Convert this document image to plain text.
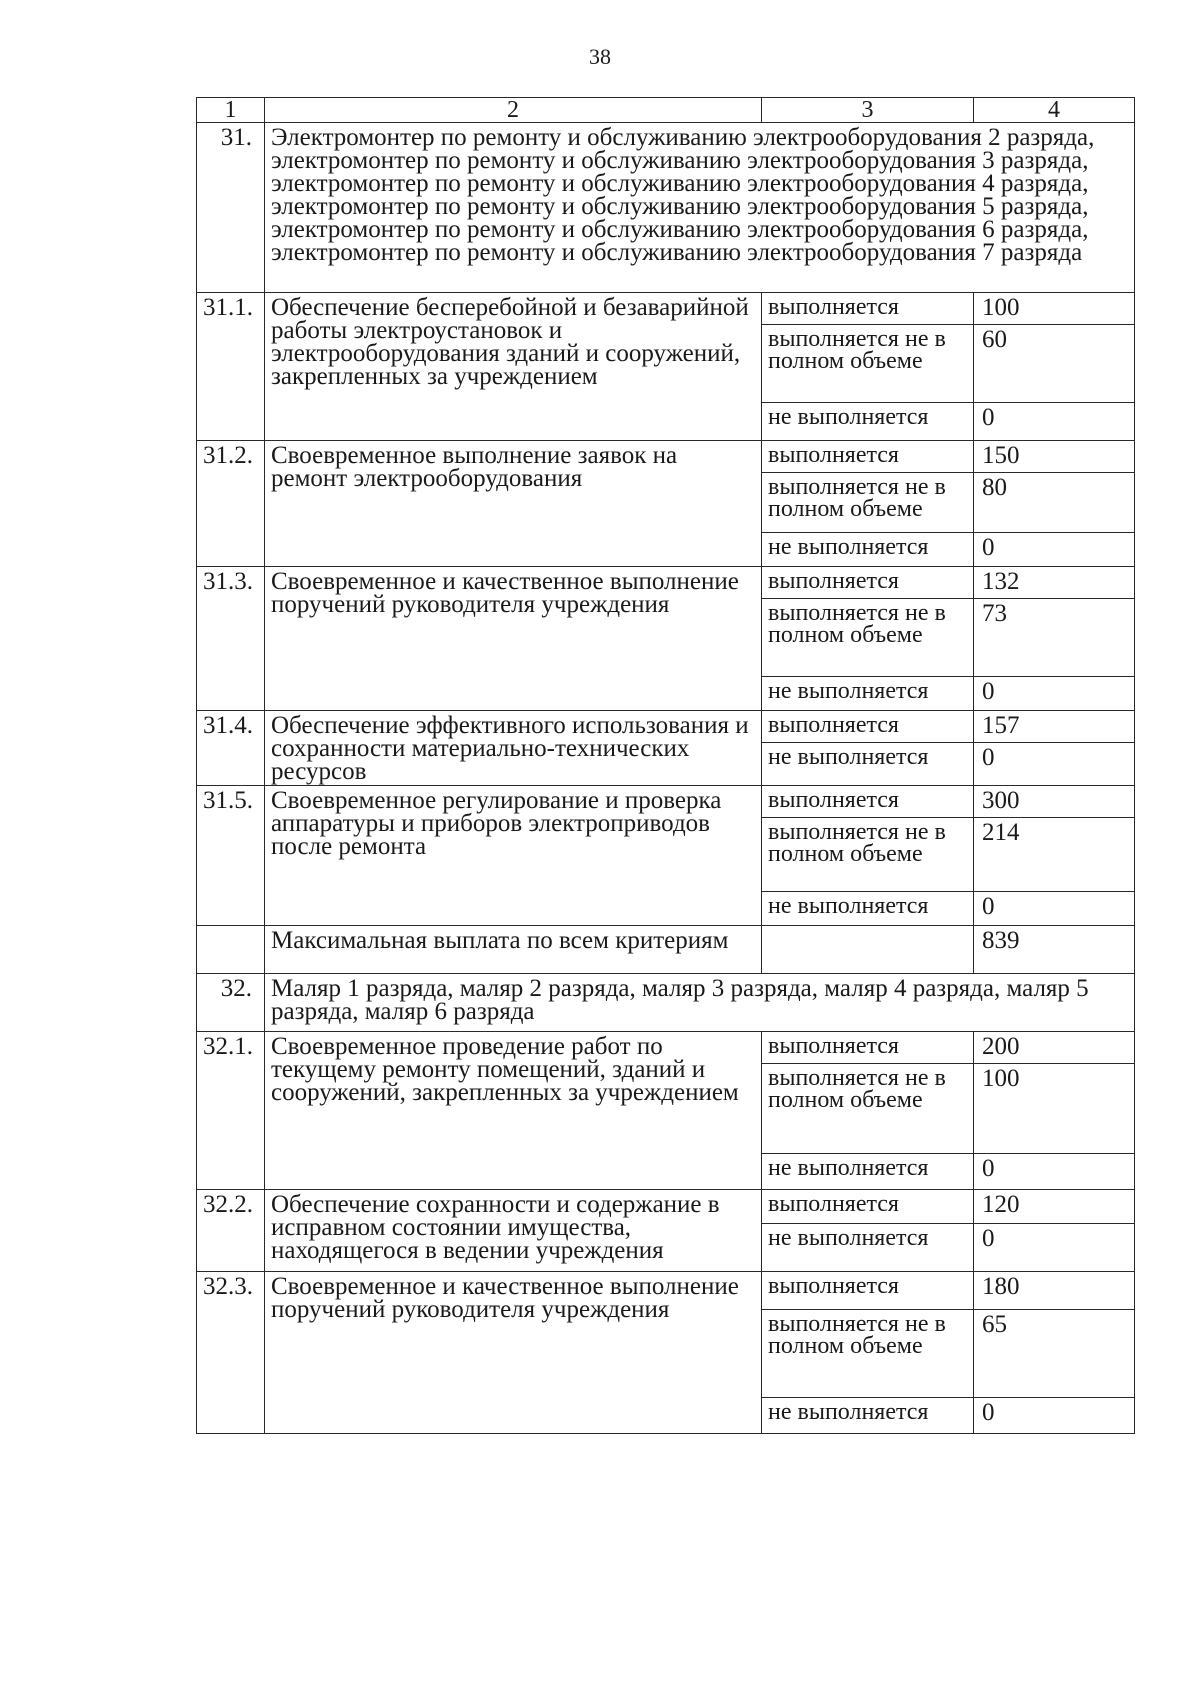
38
1	2	3	4
31.	Электромонтер по ремонту и обслуживанию электрооборудования 2 разряда, электромонтер по ремонту и обслуживанию электрооборудования 3 разряда, электромонтер по ремонту и обслуживанию электрооборудования 4 разряда, электромонтер по ремонту и обслуживанию электрооборудования 5 разряда, электромонтер по ремонту и обслуживанию электрооборудования 6 разряда, электромонтер по ремонту и обслуживанию электрооборудования 7 разряда		
31.1.	Обеспечение бесперебойной и безаварийной работы электроустановок и электрооборудования зданий и сооружений, закрепленных за учреждением	выполняется	100
		выполняется не в полном объеме	60
		не выполняется	0
31.2.	Своевременное выполнение заявок на ремонт электрооборудования	выполняется	150
		выполняется не в полном объеме	80
		не выполняется	0
31.3.	Своевременное и качественное выполнение поручений руководителя учреждения	выполняется	132
		выполняется не в полном объеме	73
		не выполняется	0
31.4.	Обеспечение эффективного использования и сохранности материально-технических ресурсов	выполняется	157
		не выполняется	0
31.5.	Своевременное регулирование и проверка аппаратуры и приборов электроприводов после ремонта	выполняется	300
		выполняется не в полном объеме	214
		не выполняется	0
	Максимальная выплата по всем критериям		839
32.	Маляр 1 разряда, маляр 2 разряда, маляр 3 разряда, маляр 4 разряда, маляр 5 разряда, маляр 6 разряда		
32.1.	Своевременное проведение работ по текущему ремонту помещений, зданий и сооружений, закрепленных за учреждением	выполняется	200
		выполняется не в полном объеме	100
		не выполняется	0
32.2.	Обеспечение сохранности и содержание в исправном состоянии имущества, находящегося в ведении учреждения	выполняется	120
		не выполняется	0
32.3.	Своевременное и качественное выполнение поручений руководителя учреждения	выполняется	180
		выполняется не в полном объеме	65
		не выполняется	0
